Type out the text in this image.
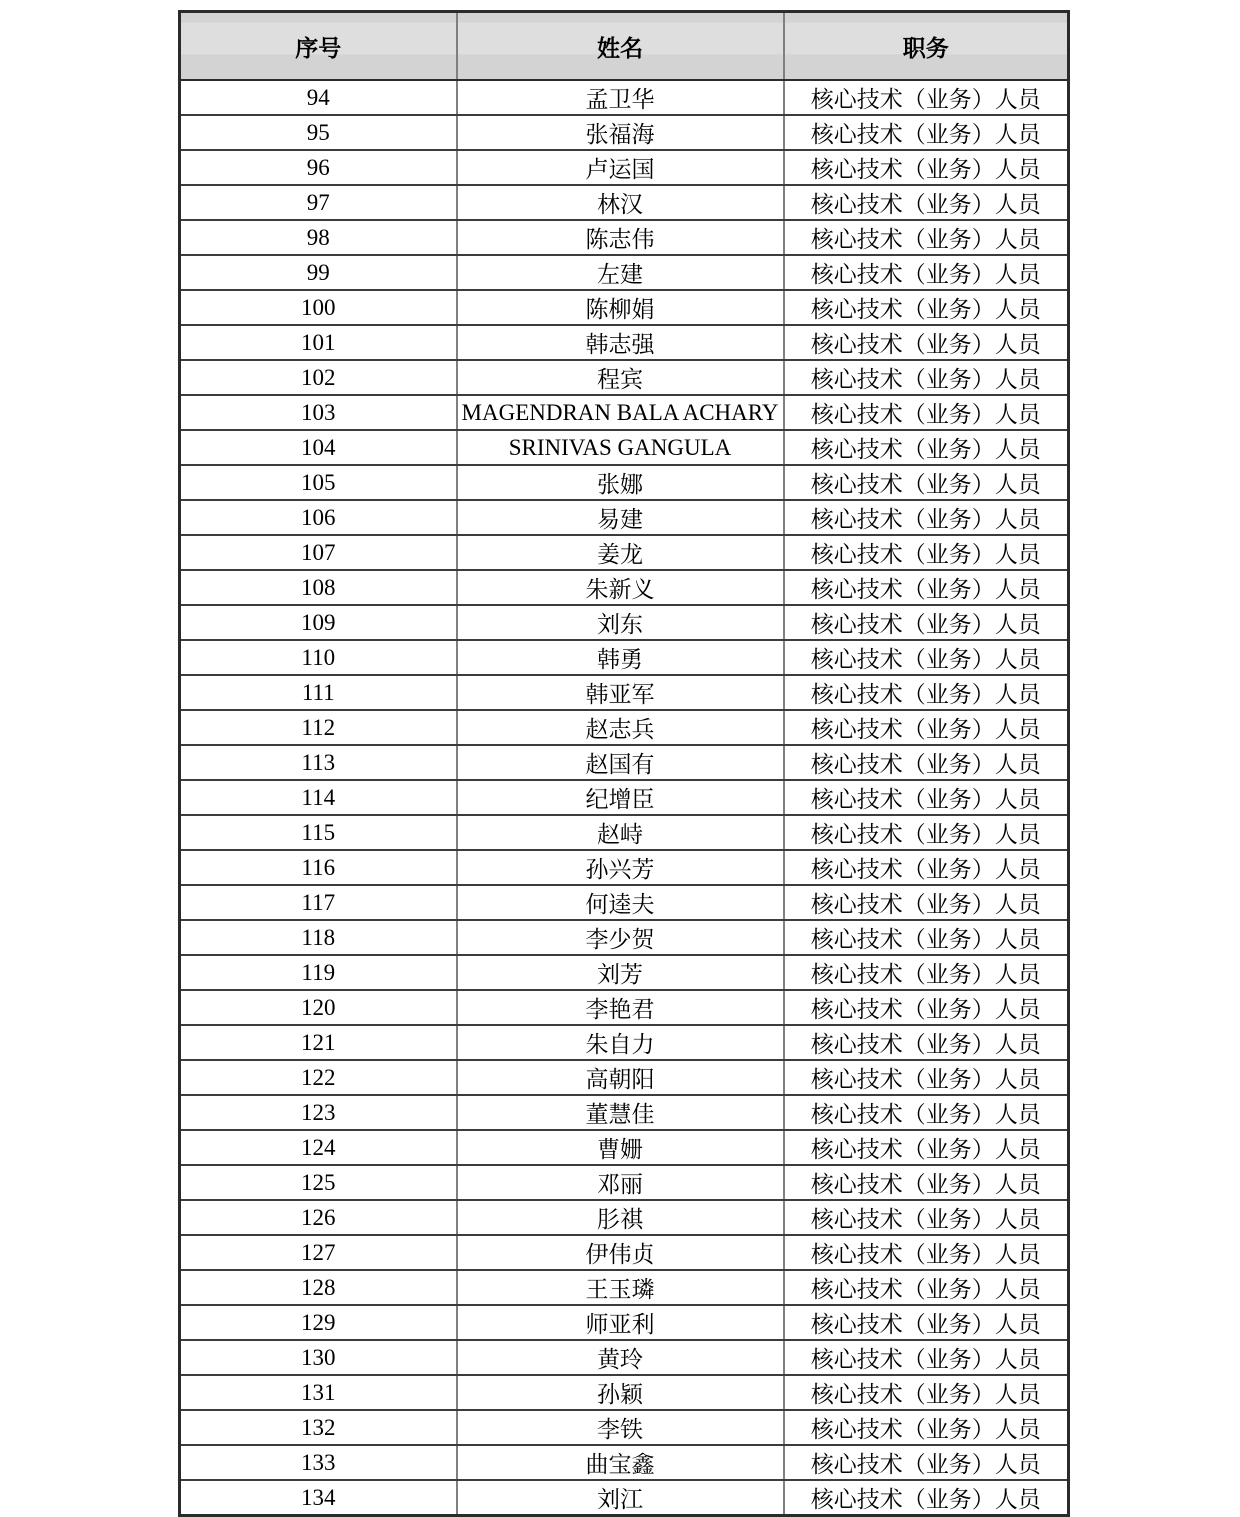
序号	姓名	职务
94	孟卫华	核心技术（业务）人员
95	张福海	核心技术（业务）人员
96	卢运国	核心技术（业务）人员
97	林汉	核心技术（业务）人员
98	陈志伟	核心技术（业务）人员
99	左建	核心技术（业务）人员
100	陈柳娟	核心技术（业务）人员
101	韩志强	核心技术（业务）人员
102	程宾	核心技术（业务）人员
103	MAGENDRAN BALA ACHARY	核心技术（业务）人员
104	SRINIVAS GANGULA	核心技术（业务）人员
105	张娜	核心技术（业务）人员
106	易建	核心技术（业务）人员
107	姜龙	核心技术（业务）人员
108	朱新义	核心技术（业务）人员
109	刘东	核心技术（业务）人员
110	韩勇	核心技术（业务）人员
111	韩亚军	核心技术（业务）人员
112	赵志兵	核心技术（业务）人员
113	赵国有	核心技术（业务）人员
114	纪增臣	核心技术（业务）人员
115	赵峙	核心技术（业务）人员
116	孙兴芳	核心技术（业务）人员
117	何逵夫	核心技术（业务）人员
118	李少贺	核心技术（业务）人员
119	刘芳	核心技术（业务）人员
120	李艳君	核心技术（业务）人员
121	朱自力	核心技术（业务）人员
122	高朝阳	核心技术（业务）人员
123	董慧佳	核心技术（业务）人员
124	曹姗	核心技术（业务）人员
125	邓丽	核心技术（业务）人员
126	肜祺	核心技术（业务）人员
127	伊伟贞	核心技术（业务）人员
128	王玉璘	核心技术（业务）人员
129	师亚利	核心技术（业务）人员
130	黄玲	核心技术（业务）人员
131	孙颖	核心技术（业务）人员
132	李铁	核心技术（业务）人员
133	曲宝鑫	核心技术（业务）人员
134	刘江	核心技术（业务）人员
